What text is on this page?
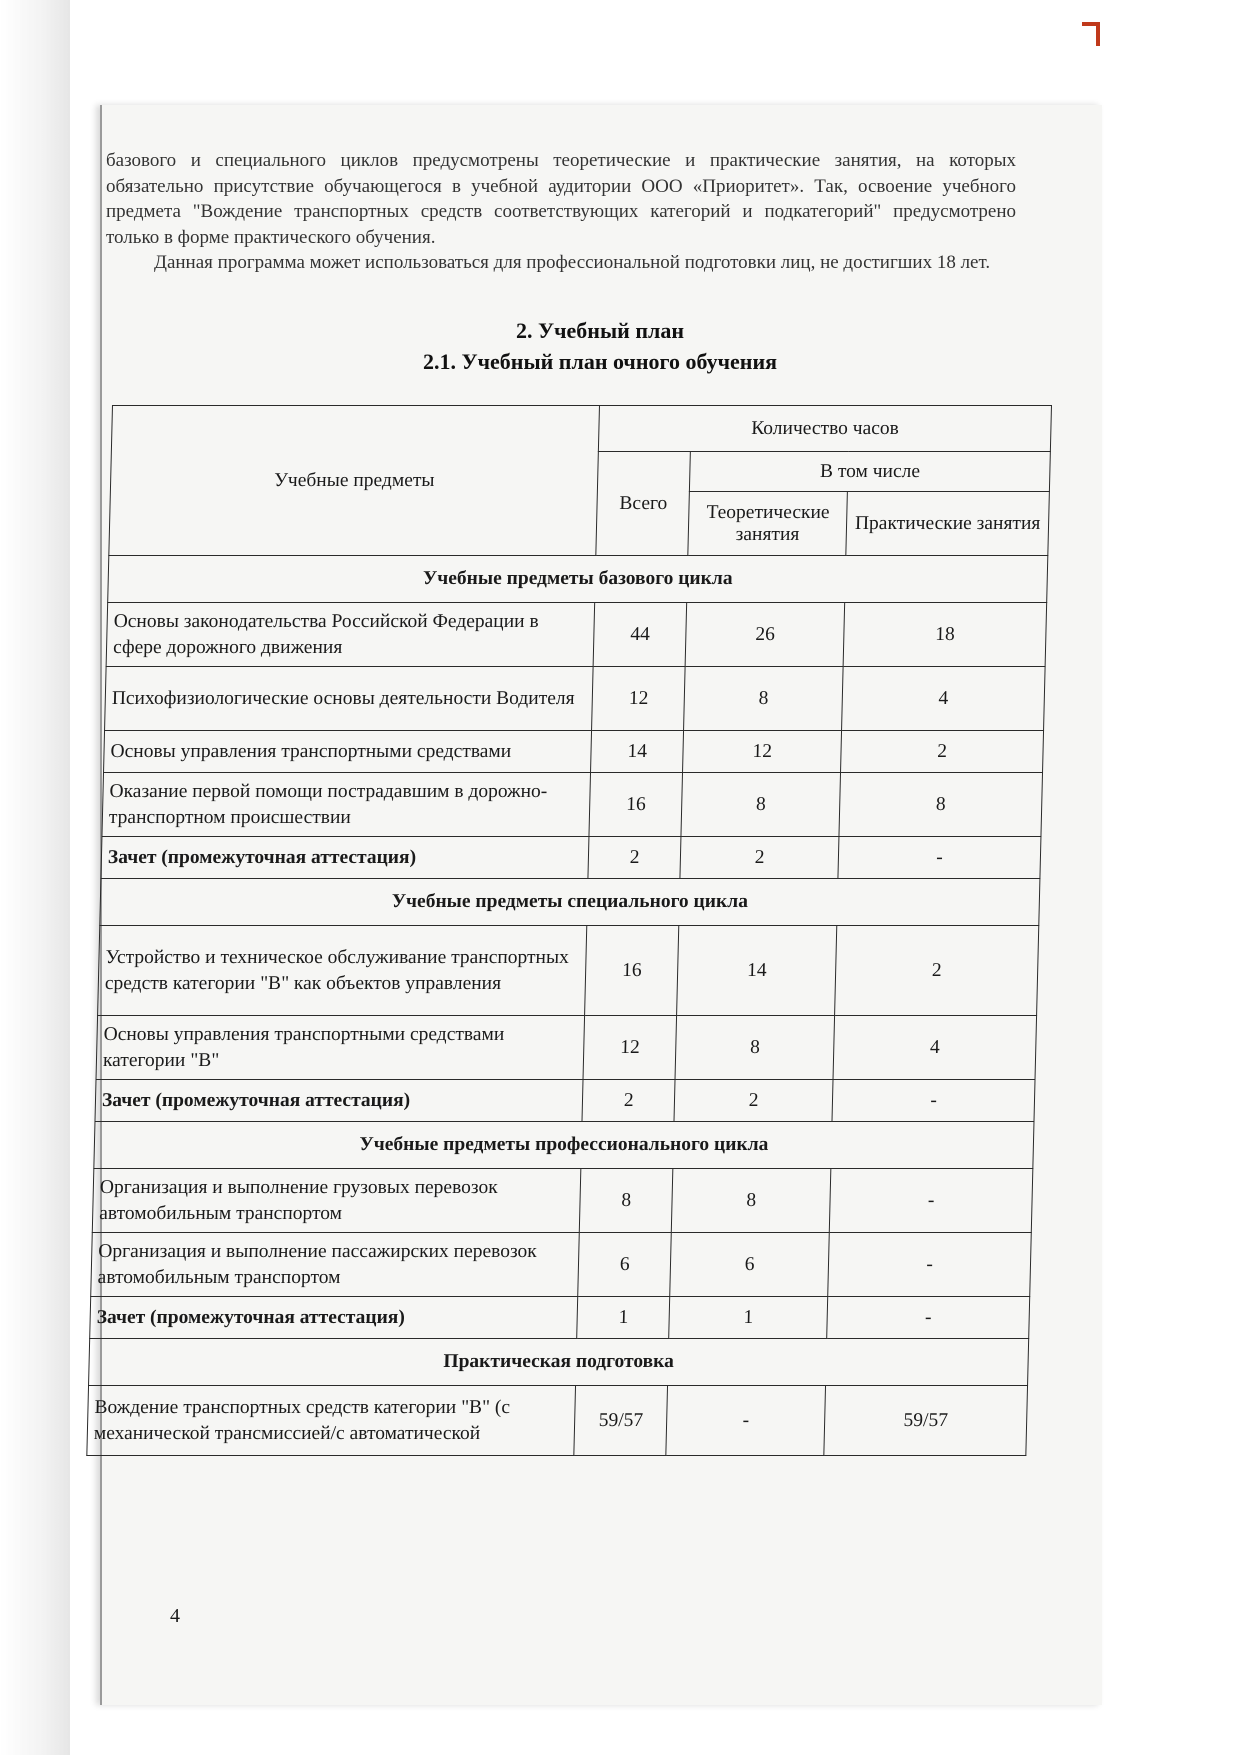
базового и специального циклов предусмотрены теоретические и практические занятия, на которых обязательно присутствие обучающегося в учебной аудитории ООО «Приоритет». Так, освоение учебного предмета "Вождение транспортных средств соответствующих категорий и подкатегорий" предусмотрено только в форме практического обучения.

Данная программа может использоваться для профессиональной подготовки лиц, не достигших 18 лет.

2. Учебный план
2.1. Учебный план очного обучения
Учебные предметы	Количество часов		
	Всего	В том числе	
		Теоретические занятия	Практические занятия
Учебные предметы базового цикла			
Основы законодательства Российской Федерации в сфере дорожного движения	44	26	18
Психофизиологические основы деятельности Водителя	12	8	4
Основы управления транспортными средствами	14	12	2
Оказание первой помощи пострадавшим в дорожно-транспортном происшествии	16	8	8
Зачет (промежуточная аттестация)	2	2	-
Учебные предметы специального цикла			
Устройство и техническое обслуживание транспортных средств категории "В" как объектов управления	16	14	2
Основы управления транспортными средствами категории "В"	12	8	4
Зачет (промежуточная аттестация)	2	2	-
Учебные предметы профессионального цикла			
Организация и выполнение грузовых перевозок автомобильным транспортом	8	8	-
Организация и выполнение пассажирских перевозок автомобильным транспортом	6	6	-
Зачет (промежуточная аттестация)	1	1	-
Практическая подготовка			
Вождение транспортных средств категории "В" (с механической трансмиссией/с автоматической	59/57	-	59/57
4
